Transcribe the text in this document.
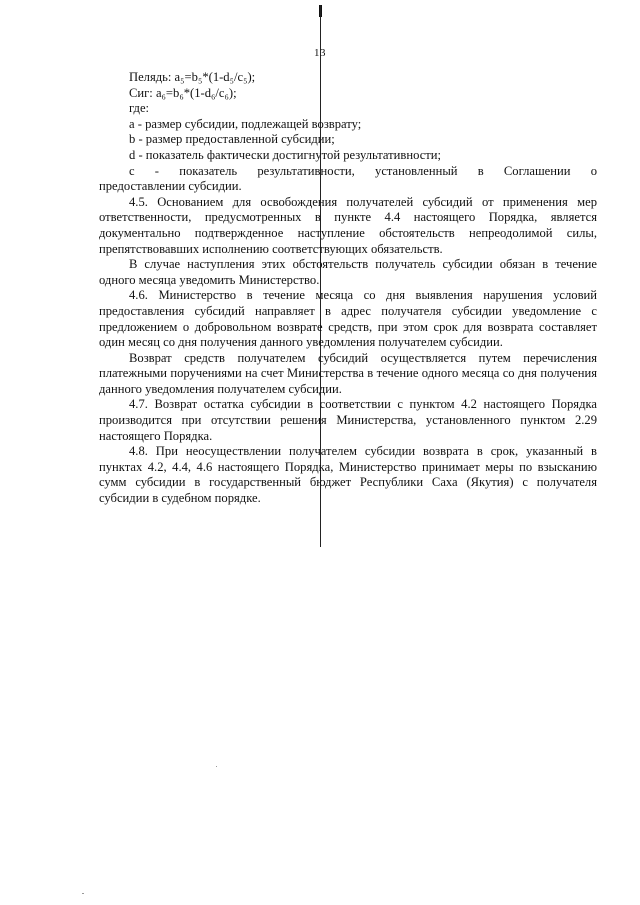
13
Пелядь: a₅=b₅*(1-d₅/c₅);
Сиг: a₆=b₆*(1-d₆/c₆);
где:
а - размер субсидии, подлежащей возврату;
b - размер предоставленной субсидии;
d - показатель фактически достигнутой результативности;
с - показатель результативности, установленный в Соглашении о
предоставлении субсидии.
4.5. Основанием для освобождения получателей субсидий от применения мер ответственности, предусмотренных в пункте 4.4 настоящего Порядка, является документально подтвержденное наступление обстоятельств непреодолимой силы, препятствовавших исполнению соответствующих обязательств.
В случае наступления этих обстоятельств получатель субсидии обязан в течение одного месяца уведомить Министерство.
4.6. Министерство в течение месяца со дня выявления нарушения условий предоставления субсидий направляет в адрес получателя субсидии уведомление с предложением о добровольном возврате средств, при этом срок для возврата составляет один месяц со дня получения данного уведомления получателем субсидии.
Возврат средств получателем субсидий осуществляется путем перечисления платежными поручениями на счет Министерства в течение одного месяца со дня получения данного уведомления получателем субсидии.
4.7. Возврат остатка субсидии в соответствии с пунктом 4.2 настоящего Порядка производится при отсутствии решения Министерства, установленного пунктом 2.29 настоящего Порядка.
4.8. При неосуществлении получателем субсидии возврата в срок, указанный в пунктах 4.2, 4.4, 4.6 настоящего Порядка, Министерство принимает меры по взысканию сумм субсидии в государственный бюджет Республики Саха (Якутия) с получателя субсидии в судебном порядке.
